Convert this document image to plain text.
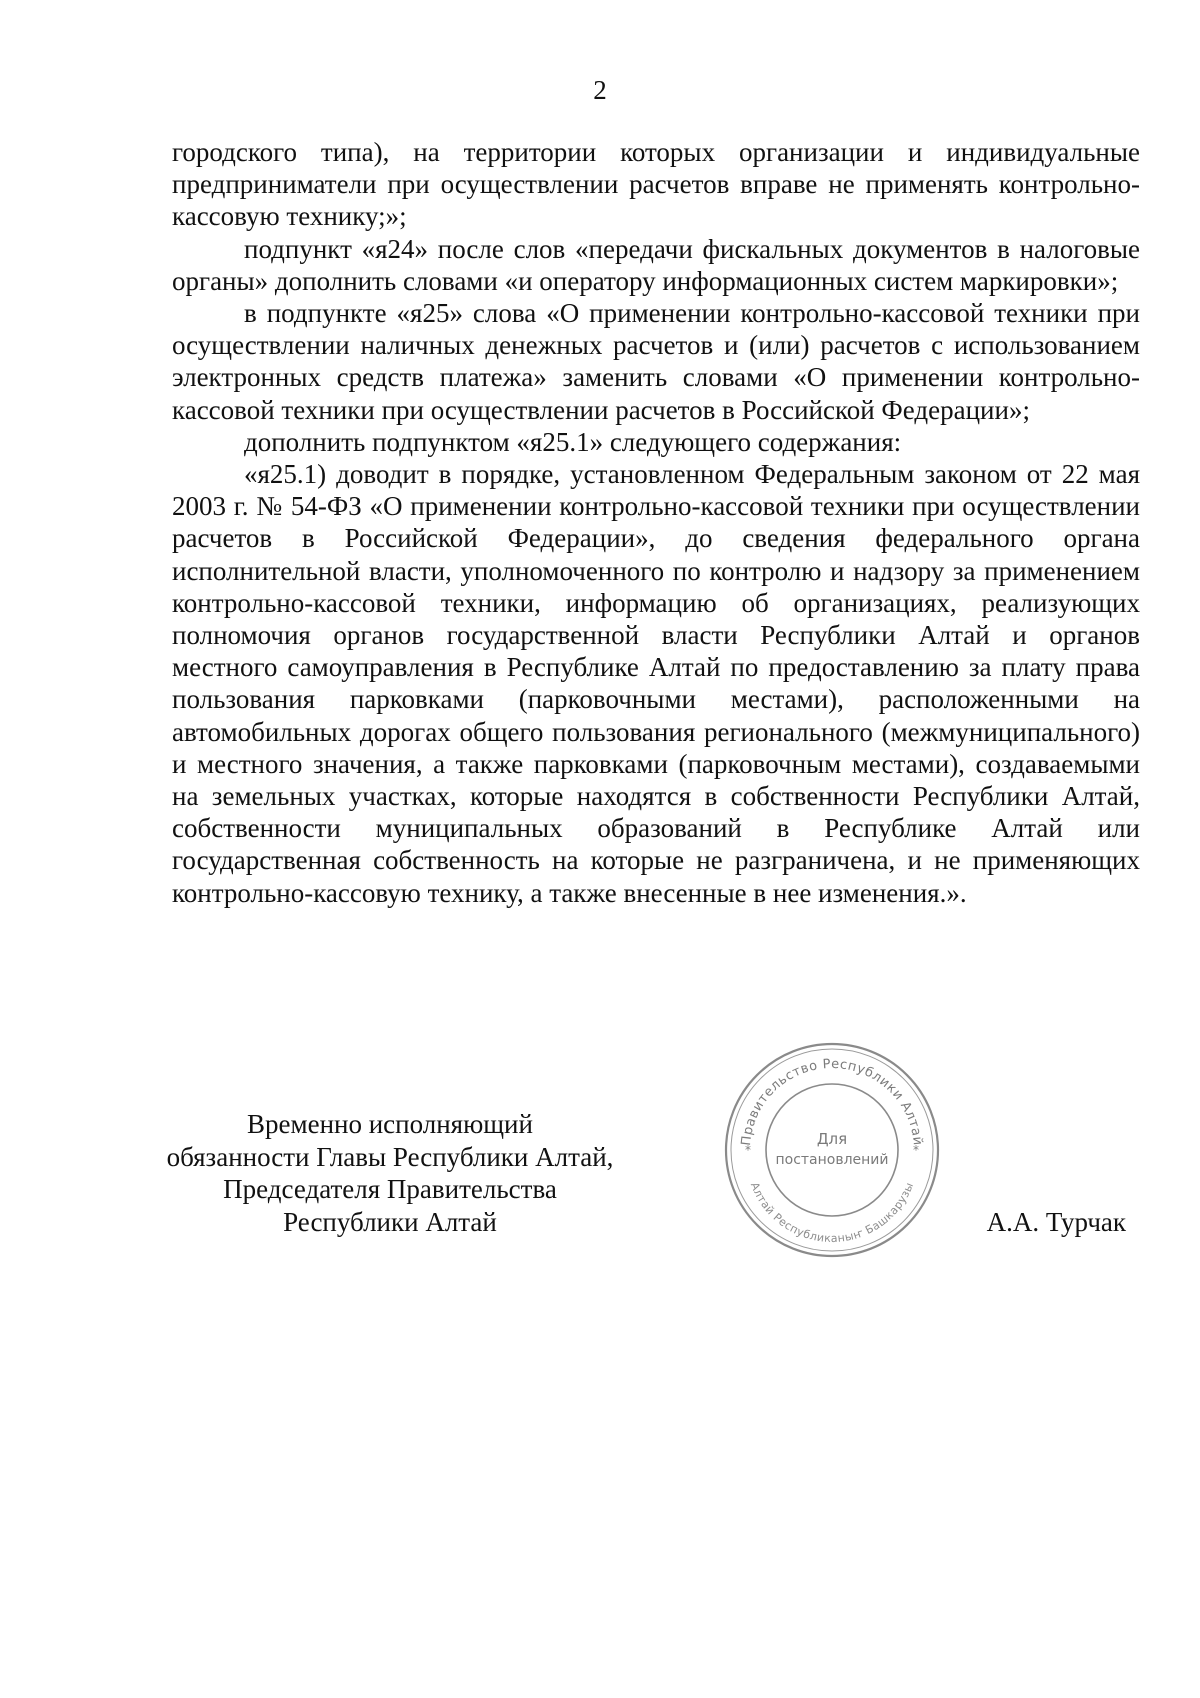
2

городского типа), на территории которых организации и индивидуальные предприниматели при осуществлении расчетов вправе не применять контрольно-кассовую технику;»;

подпункт «я24» после слов «передачи фискальных документов в налоговые органы» дополнить словами «и оператору информационных систем маркировки»;

в подпункте «я25» слова «О применении контрольно-кассовой техники при осуществлении наличных денежных расчетов и (или) расчетов с использованием электронных средств платежа» заменить словами «О применении контрольно-кассовой техники при осуществлении расчетов в Российской Федерации»;

дополнить подпунктом «я25.1» следующего содержания:

«я25.1) доводит в порядке, установленном Федеральным законом от 22 мая 2003 г. № 54-ФЗ «О применении контрольно-кассовой техники при осуществлении расчетов в Российской Федерации», до сведения федерального органа исполнительной власти, уполномоченного по контролю и надзору за применением контрольно-кассовой техники, информацию об организациях, реализующих полномочия органов государственной власти Республики Алтай и органов местного самоуправления в Республике Алтай по предоставлению за плату права пользования парковками (парковочными местами), расположенными на автомобильных дорогах общего пользования регионального (межмуниципального) и местного значения, а также парковками (парковочным местами), создаваемыми на земельных участках, которые находятся в собственности Республики Алтай, собственности муниципальных образований в Республике Алтай или государственная собственность на которые не разграничена, и не применяющих контрольно-кассовую технику, а также внесенные в нее изменения.».

Временно исполняющий
обязанности Главы Республики Алтай,
Председателя Правительства
Республики Алтай
Правительство Республики Алтай
Алтай Республиканыҥ Башкарузы
*	*
Для
постановлений
А.А. Турчак
